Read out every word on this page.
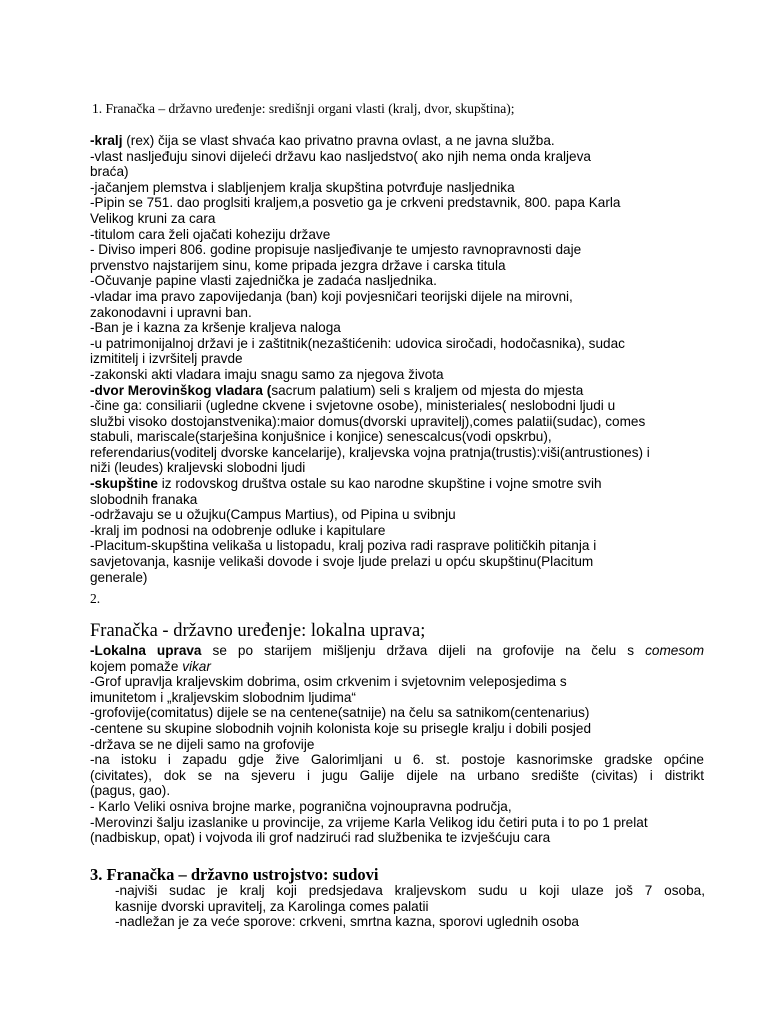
1. Franačka – državno uređenje: središnji organi vlasti (kralj, dvor, skupština);
-kralj (rex) čija se vlast shvaća kao privatno pravna ovlast, a ne javna služba.
-vlast nasljeđuju sinovi dijeleći državu kao nasljedstvo( ako njih nema onda kraljeva
braća)
-jačanjem plemstva i slabljenjem kralja skupština potvrđuje nasljednika
-Pipin se 751. dao proglsiti kraljem,a posvetio ga je crkveni predstavnik, 800. papa Karla
Velikog kruni za cara
-titulom cara želi ojačati koheziju države
- Diviso imperi 806. godine propisuje nasljeđivanje te umjesto ravnopravnosti daje
prvenstvo najstarijem sinu, kome pripada jezgra države i carska titula
-Očuvanje papine vlasti zajednička je zadaća nasljednika.
-vladar ima pravo zapovijedanja (ban) koji povjesničari teorijski dijele na mirovni,
zakonodavni i upravni ban.
-Ban je i kazna za kršenje kraljeva naloga
-u patrimonijalnoj državi je i zaštitnik(nezaštićenih: udovica siročadi, hodočasnika), sudac
izmititelj i izvršitelj pravde
-zakonski akti vladara imaju snagu samo za njegova života
-dvor Merovinškog vladara (sacrum palatium) seli s kraljem od mjesta do mjesta
-čine ga: consiliarii (ugledne ckvene i svjetovne osobe), ministeriales( neslobodni ljudi u
službi visoko dostojanstvenika):maior domus(dvorski upravitelj),comes palatii(sudac), comes
stabuli, mariscale(starješina konjušnice i konjice) senescalcus(vodi opskrbu),
referendarius(voditelj dvorske kancelarije), kraljevska vojna pratnja(trustis):viši(antrustiones) i
niži (leudes) kraljevski slobodni ljudi
-skupštine iz rodovskog društva ostale su kao narodne skupštine i vojne smotre svih
slobodnih franaka
-održavaju se u ožujku(Campus Martius), od Pipina u svibnju
-kralj im podnosi na odobrenje odluke i kapitulare
-Placitum-skupština velikaša u listopadu, kralj poziva radi rasprave političkih pitanja i
savjetovanja, kasnije velikaši dovode i svoje ljude prelazi u opću skupštinu(Placitum
generale)
2.
Franačka - državno uređenje: lokalna uprava;
-Lokalna uprava se po starijem mišljenju država dijeli na grofovije na čelu s comesom
kojem pomaže vikar
-Grof upravlja kraljevskim dobrima, osim crkvenim i svjetovnim veleposjedima s
imunitetom i „kraljevskim slobodnim ljudima“
-grofovije(comitatus) dijele se na centene(satnije) na čelu sa satnikom(centenarius)
-centene su skupine slobodnih vojnih kolonista koje su prisegle kralju i dobili posjed
-država se ne dijeli samo na grofovije
-na istoku i zapadu gdje žive Galorimljani u 6. st. postoje kasnorimske gradske općine
(civitates), dok se na sjeveru i jugu Galije dijele na urbano središte (civitas) i distrikt
(pagus, gao).
- Karlo Veliki osniva brojne marke, pogranična vojnoupravna područja,
-Merovinzi šalju izaslanike u provincije, za vrijeme Karla Velikog idu četiri puta i to po 1 prelat
(nadbiskup, opat) i vojvoda ili grof nadzirući rad službenika te izvješćuju cara
3. Franačka – državno ustrojstvo: sudovi
-najviši sudac je kralj koji predsjedava kraljevskom sudu u koji ulaze još 7 osoba,
kasnije dvorski upravitelj, za Karolinga comes palatii
-nadležan je za veće sporove: crkveni, smrtna kazna, sporovi uglednih osoba
